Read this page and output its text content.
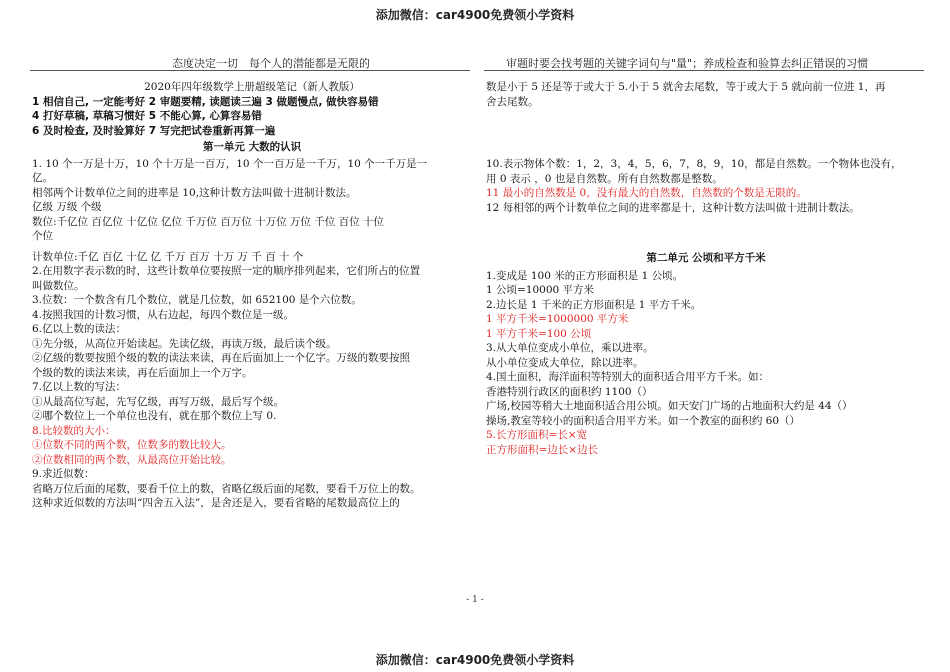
添加微信：car4900免费领小学资料
态度决定一切　每个人的潜能都是无限的	审题时要会找考题的关键字词句与"量"；养成检查和验算去纠正错误的习惯
2020年四年级数学上册超级笔记（新人教版）
1 相信自己, 一定能考好 2 审题要精, 读题读三遍 3 做题慢点, 做快容易错
4 打好草稿, 草稿习惯好 5 不能心算, 心算容易错
6 及时检查, 及时验算好 7 写完把试卷重新再算一遍
第一单元 大数的认识
1. 10 个一万是十万，10 个十万是一百万，10 个一百万是一千万，10 个一千万是一
亿。
相邻两个计数单位之间的进率是 10,这种计数方法叫做十进制计数法。
亿级 万级 个级
数位:千亿位 百亿位 十亿位 亿位 千万位 百万位 十万位 万位 千位 百位 十位
个位
计数单位:千亿 百亿 十亿 亿 千万 百万 十万 万 千 百 十 个
2.在用数字表示数的时，这些计数单位要按照一定的顺序排列起来，它们所占的位置
叫做数位。
3.位数：一个数含有几个数位，就是几位数，如 652100 是个六位数。
4.按照我国的计数习惯，从右边起，每四个数位是一级。
6.亿以上数的读法：
①先分级，从高位开始读起。先读亿级，再读万级，最后读个级。
②亿级的数要按照个级的数的读法来读，再在后面加上一个亿字。万级的数要按照
个级的数的读法来读，再在后面加上一个万字。
7.亿以上数的写法：
①从最高位写起，先写亿级，再写万级，最后写个级。
②哪个数位上一个单位也没有，就在那个数位上写 0.
8.比较数的大小：
①位数不同的两个数，位数多的数比较大。
②位数相同的两个数，从最高位开始比较。
9.求近似数：
省略万位后面的尾数，要看千位上的数，省略亿级后面的尾数，要看千万位上的数。
这种求近似数的方法叫“四舍五入法”，是舍还是入，要看省略的尾数最高位上的
数是小于 5 还是等于或大于 5.小于 5 就舍去尾数，等于或大于 5 就向前一位进 1，再
舍去尾数。
10.表示物体个数：1，2，3，4，5，6，7，8，9，10，都是自然数。一个物体也没有，
用 0 表示 ，0 也是自然数。所有自然数都是整数。
11 最小的自然数是 0，没有最大的自然数，自然数的个数是无限的。
12 每相邻的两个计数单位之间的进率都是十，这种计数方法叫做十进制计数法。
第二单元 公顷和平方千米
1.变成是 100 米的正方形面积是 1 公顷。
1 公顷=10000 平方米
2.边长是 1 千米的正方形面积是 1 平方千米。
1 平方千米=1000000 平方米
1 平方千米=100 公顷
3.从大单位变成小单位，乘以进率。
从小单位变成大单位，除以进率。
4.国土面积，海洋面积等特别大的面积适合用平方千米。如：
香港特别行政区的面积约 1100（）
广场,校园等稍大土地面积适合用公顷。如天安门广场的占地面积大约是 44（）
操场,教室等较小的面积适合用平方米。如一个教室的面积约 60（）
5.长方形面积=长×宽
正方形面积=边长×边长
- 1 -
添加微信：car4900免费领小学资料
